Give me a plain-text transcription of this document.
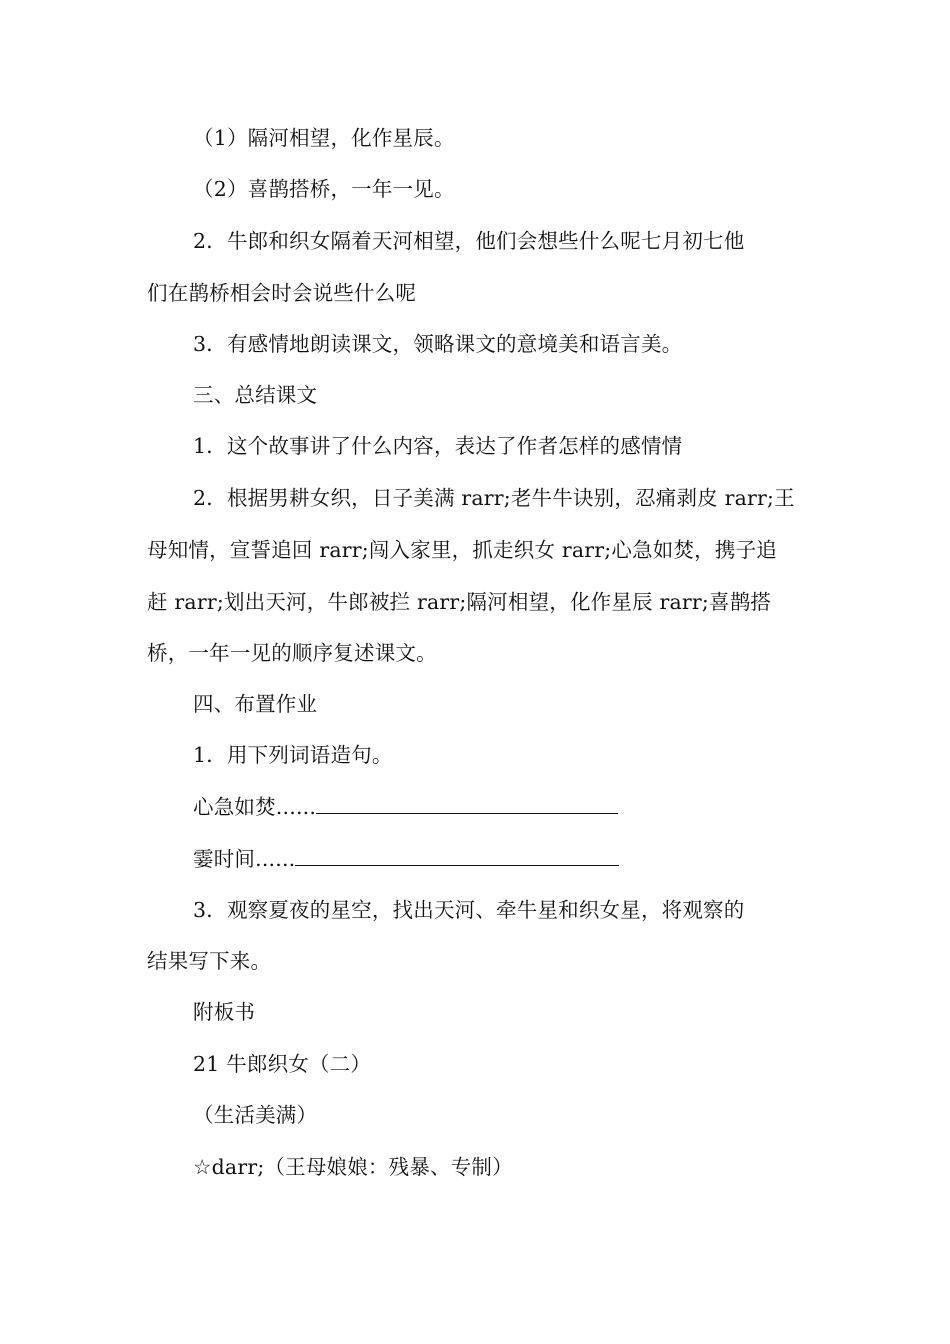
（1）隔河相望，化作星辰。
（2）喜鹊搭桥，一年一见。
2．牛郎和织女隔着天河相望，他们会想些什么呢七月初七他
们在鹊桥相会时会说些什么呢
3．有感情地朗读课文，领略课文的意境美和语言美。
三、总结课文
1．这个故事讲了什么内容，表达了作者怎样的感情情
2．根据男耕女织，日子美满 rarr;老牛牛诀别，忍痛剥皮 rarr;王
母知情，宣誓追回 rarr;闯入家里，抓走织女 rarr;心急如焚，携子追
赶 rarr;划出天河，牛郎被拦 rarr;隔河相望，化作星辰 rarr;喜鹊搭
桥，一年一见的顺序复述课文。
四、布置作业
1．用下列词语造句。
心急如焚......
霎时间......
3．观察夏夜的星空，找出天河、牵牛星和织女星，将观察的
结果写下来。
附板书
21 牛郎织女（二）
（生活美满）
☆darr;（王母娘娘：残暴、专制）
